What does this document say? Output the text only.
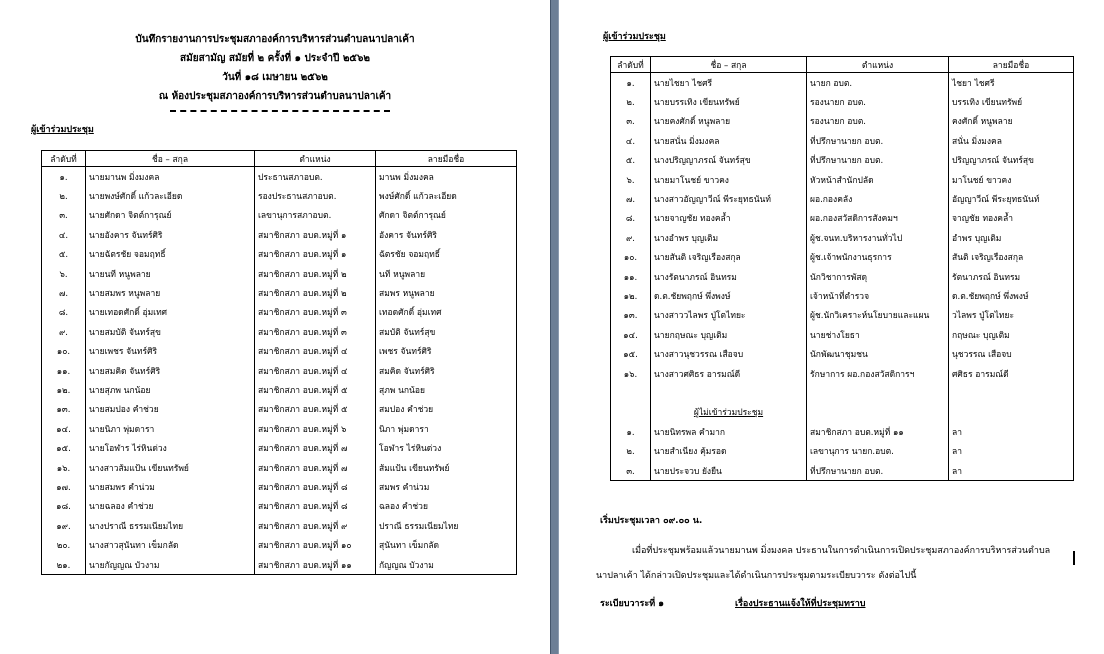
บันทึกรายงานการประชุมสภาองค์การบริหารส่วนตำบลนาปลาเค้า
สมัยสามัญ สมัยที่ ๒ ครั้งที่ ๑ ประจำปี ๒๕๖๒
วันที่ ๑๘ เมษายน ๒๕๖๒
ณ ห้องประชุมสภาองค์การบริหารส่วนตำบลนาปลาเค้า
ผู้เข้าร่วมประชุม
ลำดับที่	ชื่อ – สกุล	ตำแหน่ง	ลายมือชื่อ
๑.	นายมานพ มิ่งมงคล	ประธานสภาอบต.	มานพ มิ่งมงคล
๒.	นายพงษ์ศักดิ์ แก้วละเอียด	รองประธานสภาอบต.	พงษ์ศักดิ์ แก้วละเอียด
๓.	นายศักดา จิตต์การุณย์	เลขานุการสภาอบต.	ศักดา จิตต์การุณย์
๔.	นายอังคาร จันทร์ศิริ	สมาชิกสภา อบต.หมู่ที่ ๑	อังคาร จันทร์ศิริ
๕.	นายฉัตรชัย จอมฤทธิ์	สมาชิกสภา อบต.หมู่ที่ ๑	ฉัตรชัย จอมฤทธิ์
๖.	นายนที หนูพลาย	สมาชิกสภา อบต.หมู่ที่ ๒	นที หนูพลาย
๗.	นายสมพร หนูพลาย	สมาชิกสภา อบต.หมู่ที่ ๒	สมพร หนูพลาย
๘.	นายเทอดศักดิ์ อุ่มเทศ	สมาชิกสภา อบต.หมู่ที่ ๓	เทอดศักดิ์ อุ่มเทศ
๙.	นายสมบัติ จันทร์สุข	สมาชิกสภา อบต.หมู่ที่ ๓	สมบัติ จันทร์สุข
๑๐.	นายเพชร จันทร์ศิริ	สมาชิกสภา อบต.หมู่ที่ ๔	เพชร จันทร์ศิริ
๑๑.	นายสมคิด จันทร์ศิริ	สมาชิกสภา อบต.หมู่ที่ ๔	สมคิด จันทร์ศิริ
๑๒.	นายสุภพ นกน้อย	สมาชิกสภา อบต.หมู่ที่ ๕	สุภพ นกน้อย
๑๓.	นายสมปอง คำช่วย	สมาชิกสภา อบต.หมู่ที่ ๕	สมปอง คำช่วย
๑๔.	นายนิภา พุ่มดารา	สมาชิกสภา อบต.หมู่ที่ ๖	นิภา พุ่มดารา
๑๕.	นายโอฬาร ไร่หินด่วง	สมาชิกสภา อบต.หมู่ที่ ๗	โอฬาร ไร่หินด่วง
๑๖.	นางสาวส้มแป้น เขียนทรัพย์	สมาชิกสภา อบต.หมู่ที่ ๗	ส้มแป้น เขียนทรัพย์
๑๗.	นายสมพร คำน่วม	สมาชิกสภา อบต.หมู่ที่ ๘	สมพร คำน่วม
๑๘.	นายฉลอง คำช่วย	สมาชิกสภา อบต.หมู่ที่ ๘	ฉลอง คำช่วย
๑๙.	นางปราณี ธรรมเนียมไทย	สมาชิกสภา อบต.หมู่ที่ ๙	ปราณี ธรรมเนียมไทย
๒๐.	นางสาวสุนันทา เข็มกลัด	สมาชิกสภา อบต.หมู่ที่ ๑๐	สุนันทา เข็มกลัด
๒๑.	นายกัญญณ บัวงาม	สมาชิกสภา อบต.หมู่ที่ ๑๑	กัญญณ บัวงาม
ผู้เข้าร่วมประชุม
ลำดับที่	ชื่อ – สกุล	ตำแหน่ง	ลายมือชื่อ
๑.	นายไชยา ไชศรี	นายก อบต.	ไชยา ไชศรี
๒.	นายบรรเทิง เขียนทรัพย์	รองนายก อบต.	บรรเทิง เขียนทรัพย์
๓.	นายคงศักดิ์ หนูพลาย	รองนายก อบต.	คงศักดิ์ หนูพลาย
๔.	นายสนั่น มิ่งมงคล	ที่ปรึกษานายก อบต.	สนั่น มิ่งมงคล
๕.	นางปริญญาภรณ์ จันทร์สุข	ที่ปรึกษานายก อบต.	ปริญญาภรณ์ จันทร์สุข
๖.	นายมาโนชย์ ขาวคง	หัวหน้าสำนักปลัด	มาโนชย์ ขาวคง
๗.	นางสาวอัญญาวีณ์ พีระยุทธนันท์	ผอ.กองคลัง	อัญญาวีณ์ พีระยุทธนันท์
๘.	นายจาญชัย ทองคล้ำ	ผอ.กองสวัสดิการสังคมฯ	จาญชัย ทองคล้ำ
๙.	นางอำพร บุญเติม	ผู้ช.จนท.บริหารงานทั่วไป	อำพร บุญเติม
๑๐.	นายสันติ เจริญเรืองสกุล	ผู้ช.เจ้าพนักงานธุรการ	สันติ เจริญเรืองสกุล
๑๑.	นางรัตนาภรณ์ อินทรม	นักวิชาการพัสดุ	รัตนาภรณ์ อินทรม
๑๒.	ด.ต.ชัยพฤกษ์ พึ่งพงษ์	เจ้าหน้าที่ตำรวจ	ด.ต.ชัยพฤกษ์ พึ่งพงษ์
๑๓.	นางสาววไลพร ปู่โตไทยะ	ผู้ช.นักวิเคราะห์นโยบายและแผน	วไลพร ปู่โตไทยะ
๑๔.	นายกฤษณะ บุญเติม	นายช่างโยธา	กฤษณะ บุญเติม
๑๕.	นางสาวนุชวรรณ เสือจบ	นักพัฒนาชุมชน	นุชวรรณ เสือจบ
๑๖.	นางสาวศศิธร อารมณ์ดี	รักษาการ ผอ.กองสวัสดิการฯ	ศศิธร อารมณ์ดี

	ผู้ไม่เข้าร่วมประชุม		
๑.	นายนิทรพล คำมาก	สมาชิกสภา อบต.หมู่ที่ ๑๑	ลา
๒.	นายสำเนียง คุ้มรอด	เลขานุการ นายก.อบต.	ลา
๓.	นายประจวบ ยังยืน	ที่ปรึกษานายก อบต.	ลา
เริ่มประชุมเวลา ๐๙.๐๐ น.
เมื่อที่ประชุมพร้อมแล้วนายมานพ มิ่งมงคล ประธานในการดำเนินการเปิดประชุมสภาองค์การบริหารส่วนตำบล
นาปลาเค้า ได้กล่าวเปิดประชุมและได้ดำเนินการประชุมตามระเบียบวาระ ดังต่อไปนี้
ระเบียบวาระที่ ๑	เรื่องประธานแจ้งให้ที่ประชุมทราบ
